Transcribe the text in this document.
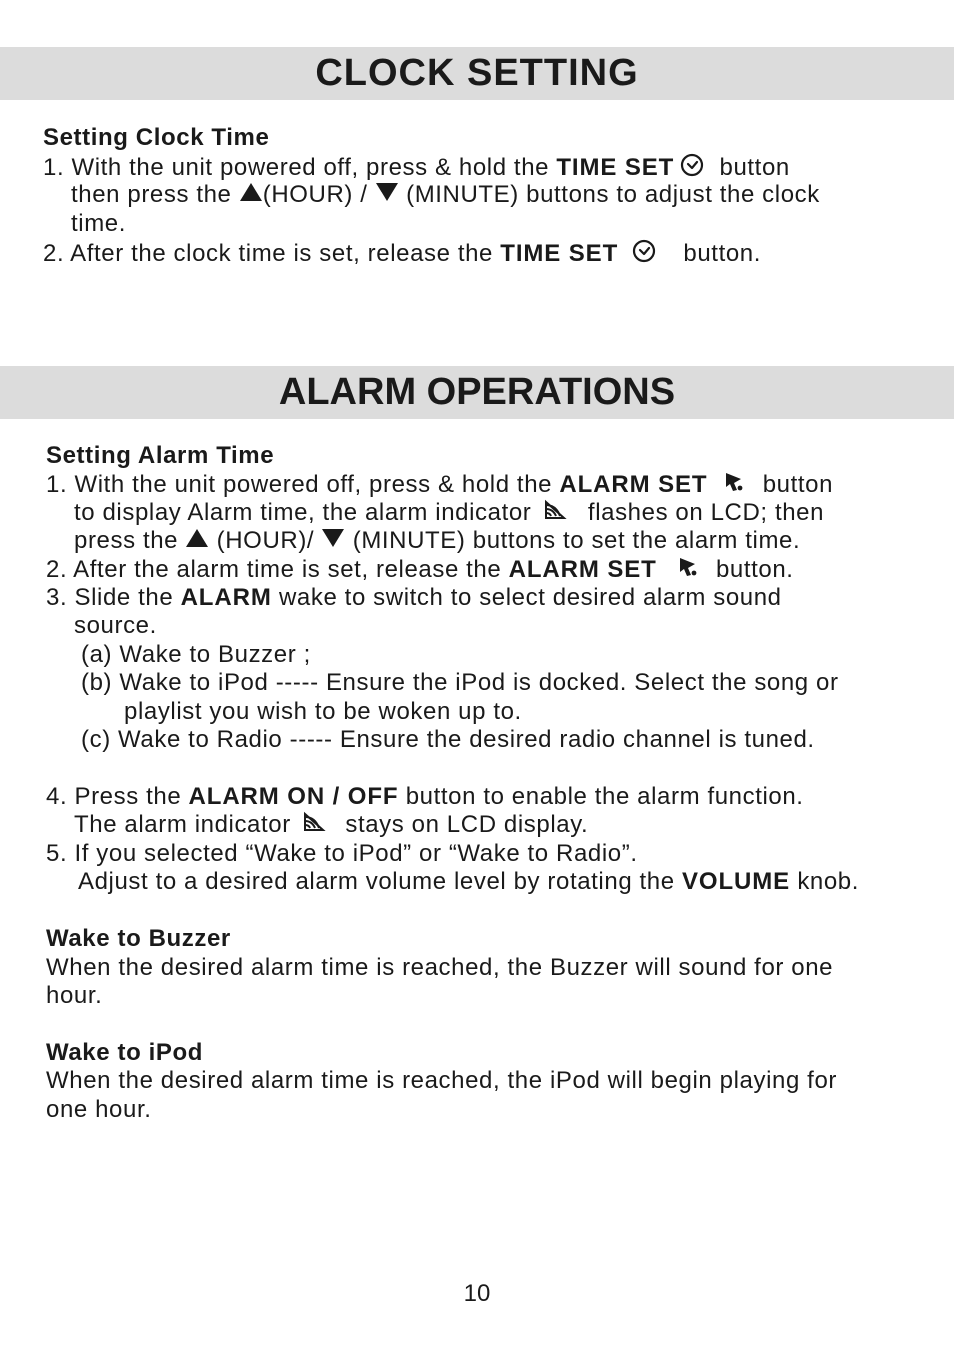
CLOCK SETTING
Setting Clock Time
1. With the unit powered off, press & hold the TIME SET button
then press the (HOUR) /  (MINUTE) buttons to adjust the clock
time.
2. After the clock time is set, release the TIME SET button.
ALARM OPERATIONS
Setting Alarm Time
1. With the unit powered off, press & hold the ALARM SET button
to display Alarm time, the alarm indicator  flashes on LCD; then
press the  (HOUR)/  (MINUTE) buttons to set the alarm time.
2. After the alarm time is set, release the ALARM SET button.
3. Slide the ALARM wake to switch to select desired alarm sound
source.
(a) Wake to Buzzer ;
(b) Wake to iPod ----- Ensure the iPod is docked. Select the song or
playlist you wish to be woken up to.
(c) Wake to Radio ----- Ensure the desired radio channel is tuned.
4. Press the ALARM ON / OFF button to enable the alarm function.
The alarm indicator  stays on LCD display.
5. If you selected “Wake to iPod” or “Wake to Radio”.
Adjust to a desired alarm volume level by rotating the VOLUME knob.
Wake to Buzzer
When the desired alarm time is reached, the Buzzer will sound for one
hour.
Wake to iPod
When the desired alarm time is reached, the iPod will begin playing for
one hour.
10
